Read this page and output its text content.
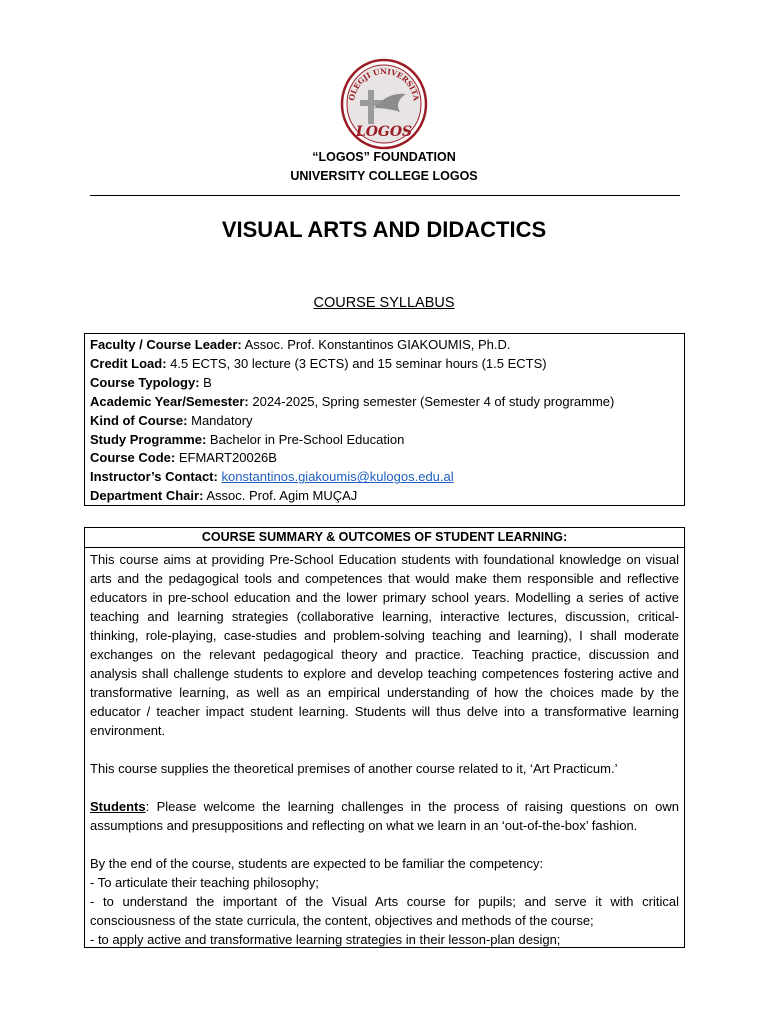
OLEGJI UNIVERSITA
LOGOS
“LOGOS” FOUNDATION
UNIVERSITY COLLEGE LOGOS
VISUAL ARTS AND DIDACTICS
COURSE SYLLABUS
Faculty / Course Leader: Assoc. Prof. Konstantinos GIAKOUMIS, Ph.D.
Credit Load: 4.5 ECTS, 30 lecture (3 ECTS) and 15 seminar hours (1.5 ECTS)
Course Typology: B
Academic Year/Semester: 2024-2025, Spring semester (Semester 4 of study programme)
Kind of Course: Mandatory
Study Programme: Bachelor in Pre-School Education
Course Code: EFMART20026B
Instructor’s Contact: konstantinos.giakoumis@kulogos.edu.al
Department Chair: Assoc. Prof. Agim MUÇAJ
COURSE SUMMARY & OUTCOMES OF STUDENT LEARNING:

This course aims at providing Pre-School Education students with foundational knowledge on visual arts and the pedagogical tools and competences that would make them responsible and reflective educators in pre-school education and the lower primary school years. Modelling a series of active teaching and learning strategies (collaborative learning, interactive lectures, discussion, critical-thinking, role-playing, case-studies and problem-solving teaching and learning), I shall moderate exchanges on the relevant pedagogical theory and practice. Teaching practice, discussion and analysis shall challenge students to explore and develop teaching competences fostering active and transformative learning, as well as an empirical understanding of how the choices made by the educator / teacher impact student learning. Students will thus delve into a transformative learning environment.

This course supplies the theoretical premises of another course related to it, ‘Art Practicum.’

Students: Please welcome the learning challenges in the process of raising questions on own assumptions and presuppositions and reflecting on what we learn in an ‘out-of-the-box’ fashion.

By the end of the course, students are expected to be familiar the competency:

- To articulate their teaching philosophy;

- to understand the important of the Visual Arts course for pupils; and serve it with critical consciousness of the state curricula, the content, objectives and methods of the course;

- to apply active and transformative learning strategies in their lesson-plan design;
